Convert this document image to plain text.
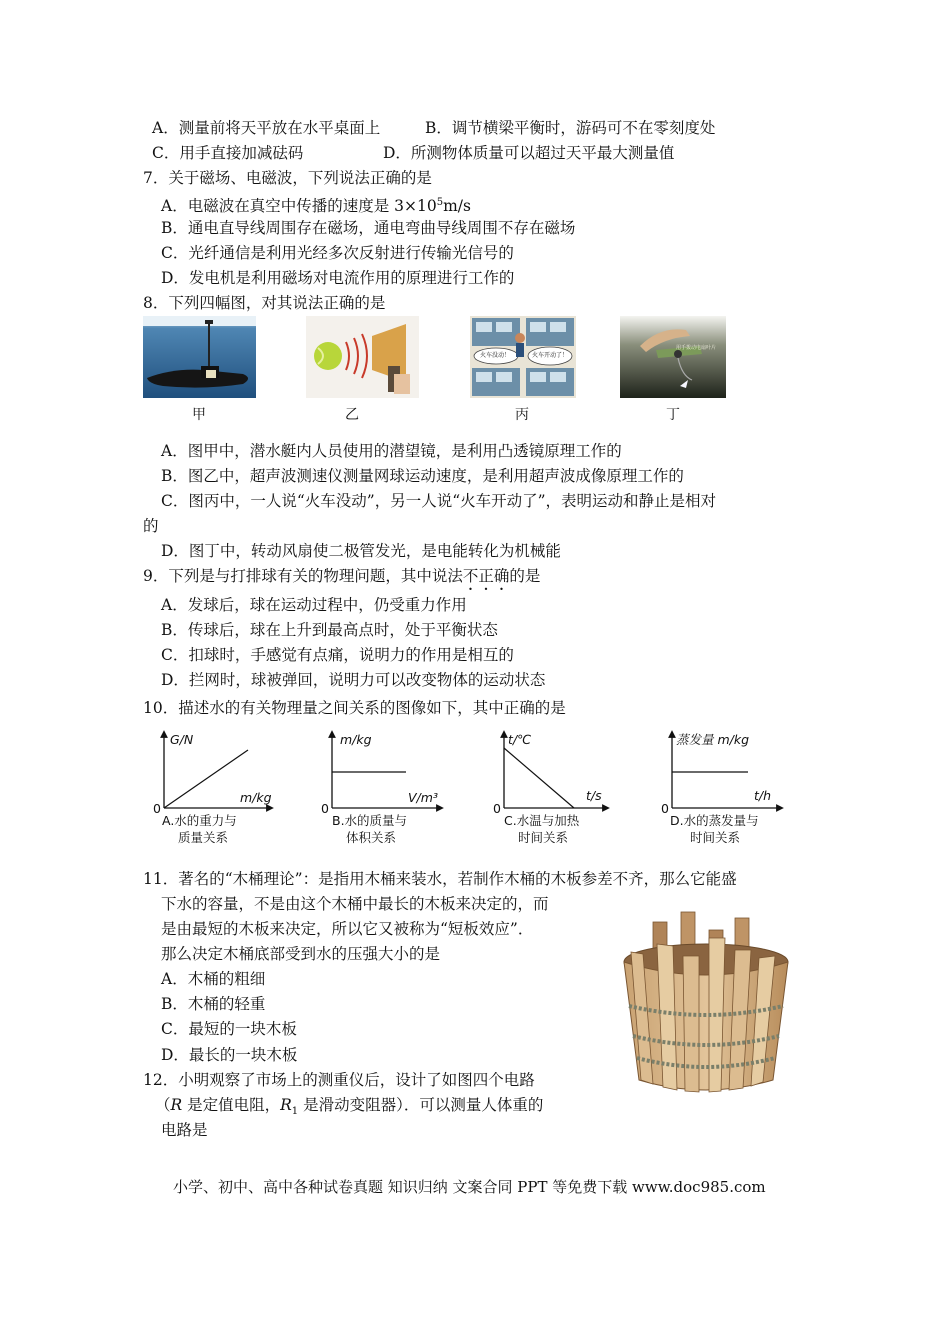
A．测量前将天平放在水平桌面上	B．调节横梁平衡时，游码可不在零刻度处
C．用手直接加减砝码	D．所测物体质量可以超过天平最大测量值
7．关于磁场、电磁波，下列说法正确的是
A．电磁波在真空中传播的速度是 $3\times 10^5m/s$
B．通电直导线周围存在磁场，通电弯曲导线周围不存在磁场
C．光纤通信是利用光经多次反射进行传输光信号的
D．发电机是利用磁场对电流作用的原理进行工作的
8．下列四幅图，对其说法正确的是
甲	乙
火车没动！	火车开动了！
丙
用手拨动电扇叶片
丁
A．图甲中，潜水艇内人员使用的潜望镜，是利用凸透镜原理工作的
B．图乙中，超声波测速仪测量网球运动速度，是利用超声波成像原理工作的
C．图丙中，一人说“火车没动”，另一人说“火车开动了”，表明运动和静止是相对
的
D．图丁中，转动风扇使二极管发光，是电能转化为机械能
9．下列是与打排球有关的物理问题，其中说法不正确的是
A．发球后，球在运动过程中，仍受重力作用
B．传球后，球在上升到最高点时，处于平衡状态
C．扣球时，手感觉有点痛，说明力的作用是相互的
D．拦网时，球被弹回，说明力可以改变物体的运动状态
10．描述水的有关物理量之间关系的图像如下，其中正确的是
G/N
m/kg
0
A.水的重力与
质量关系
m/kg
V/m³
0
B.水的质量与
体积关系
t/℃
t/s
0
C.水温与加热
时间关系
蒸发量 m/kg
t/h
0
D.水的蒸发量与
时间关系
11．著名的“木桶理论”：是指用木桶来装水，若制作木桶的木板参差不齐，那么它能盛
下水的容量，不是由这个木桶中最长的木板来决定的，而
是由最短的木板来决定，所以它又被称为“短板效应”．
那么决定木桶底部受到水的压强大小的是
A．木桶的粗细
B．木桶的轻重
C．最短的一块木板
D．最长的一块木板
12．小明观察了市场上的测重仪后，设计了如图四个电路
（R 是定值电阻，$R_1$ 是滑动变阻器）．可以测量人体重的
电路是
小学、初中、高中各种试卷真题 知识归纳 文案合同 PPT 等免费下载 www.doc985.com
